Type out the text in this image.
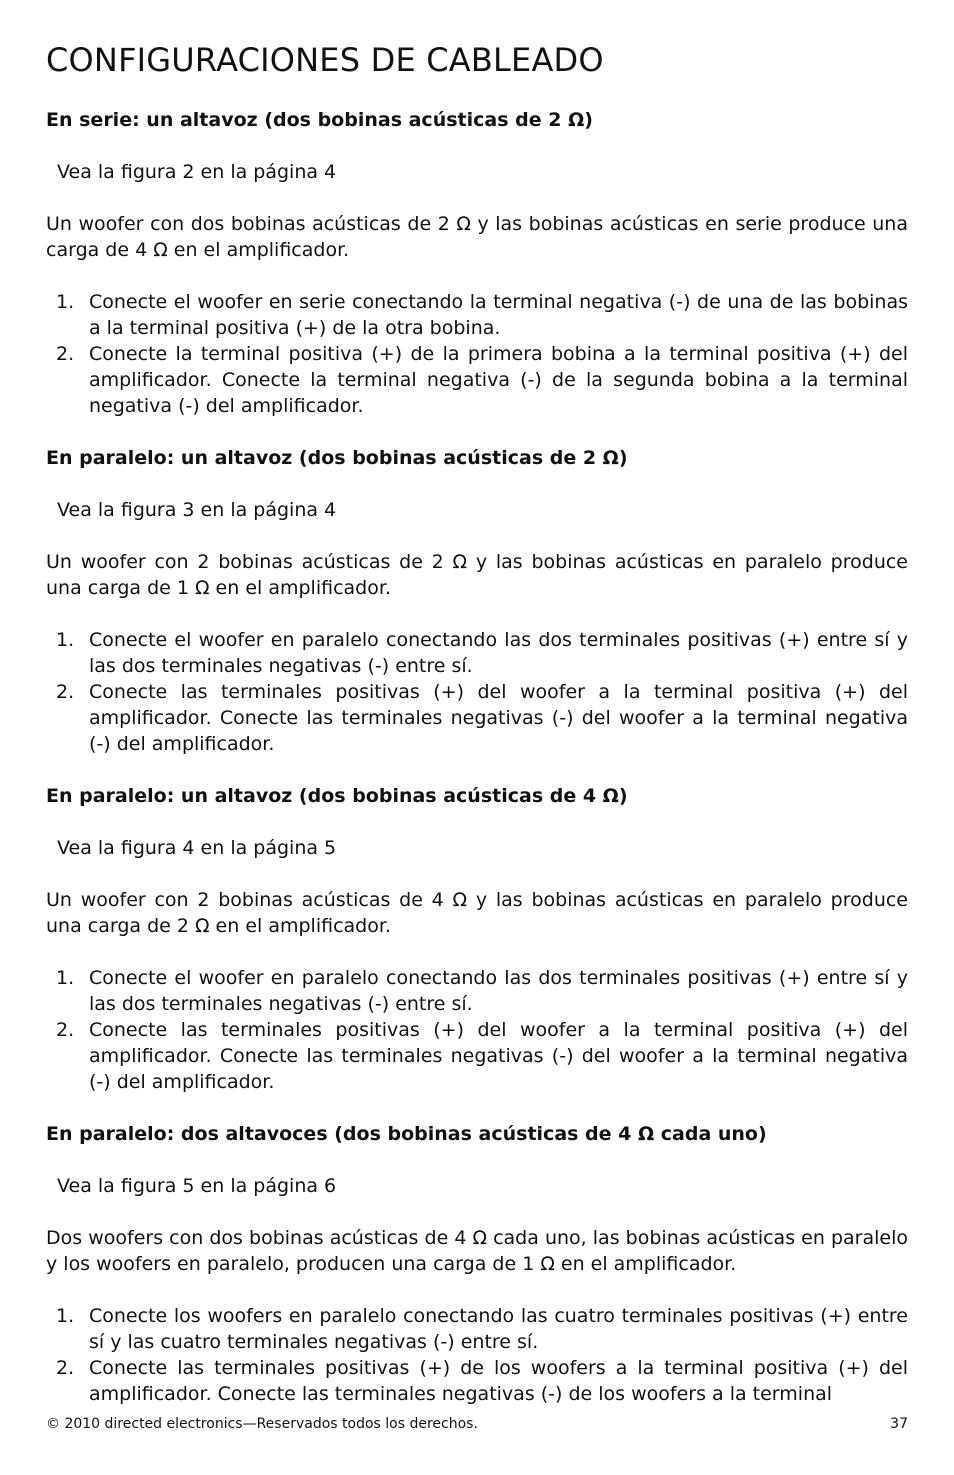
CONFIGURACIONES DE CABLEADO

En serie: un altavoz (dos bobinas acústicas de 2 Ω)

Vea la figura 2 en la página 4

Un woofer con dos bobinas acústicas de 2 Ω y las bobinas acústicas en serie produce una carga de 4 Ω en el amplificador.

1. Conecte el woofer en serie conectando la terminal negativa (-) de una de las bobinas a la terminal positiva (+) de la otra bobina.
2. Conecte la terminal positiva (+) de la primera bobina a la terminal positiva (+) del amplificador. Conecte la terminal negativa (-) de la segunda bobina a la terminal negativa (-) del amplificador.

En paralelo: un altavoz (dos bobinas acústicas de 2 Ω)

Vea la figura 3 en la página 4

Un woofer con 2 bobinas acústicas de 2 Ω y las bobinas acústicas en paralelo produce una carga de 1 Ω en el amplificador.

1. Conecte el woofer en paralelo conectando las dos terminales positivas (+) entre sí y las dos terminales negativas (-) entre sí.
2. Conecte las terminales positivas (+) del woofer a la terminal positiva (+) del amplificador. Conecte las terminales negativas (-) del woofer a la terminal negativa (-) del amplificador.

En paralelo: un altavoz (dos bobinas acústicas de 4 Ω)

Vea la figura 4 en la página 5

Un woofer con 2 bobinas acústicas de 4 Ω y las bobinas acústicas en paralelo produce una carga de 2 Ω en el amplificador.

1. Conecte el woofer en paralelo conectando las dos terminales positivas (+) entre sí y las dos terminales negativas (-) entre sí.
2. Conecte las terminales positivas (+) del woofer a la terminal positiva (+) del amplificador. Conecte las terminales negativas (-) del woofer a la terminal negativa (-) del amplificador.

En paralelo: dos altavoces (dos bobinas acústicas de 4 Ω cada uno)

Vea la figura 5 en la página 6

Dos woofers con dos bobinas acústicas de 4 Ω cada uno, las bobinas acústicas en paralelo y los woofers en paralelo, producen una carga de 1 Ω en el amplificador.

1. Conecte los woofers en paralelo conectando las cuatro terminales positivas (+) entre sí y las cuatro terminales negativas (-) entre sí.
2. Conecte las terminales positivas (+) de los woofers a la terminal positiva (+) del amplificador. Conecte las terminales negativas (-) de los woofers a la terminal
© 2010 directed electronics—Reservados todos los derechos.	37
